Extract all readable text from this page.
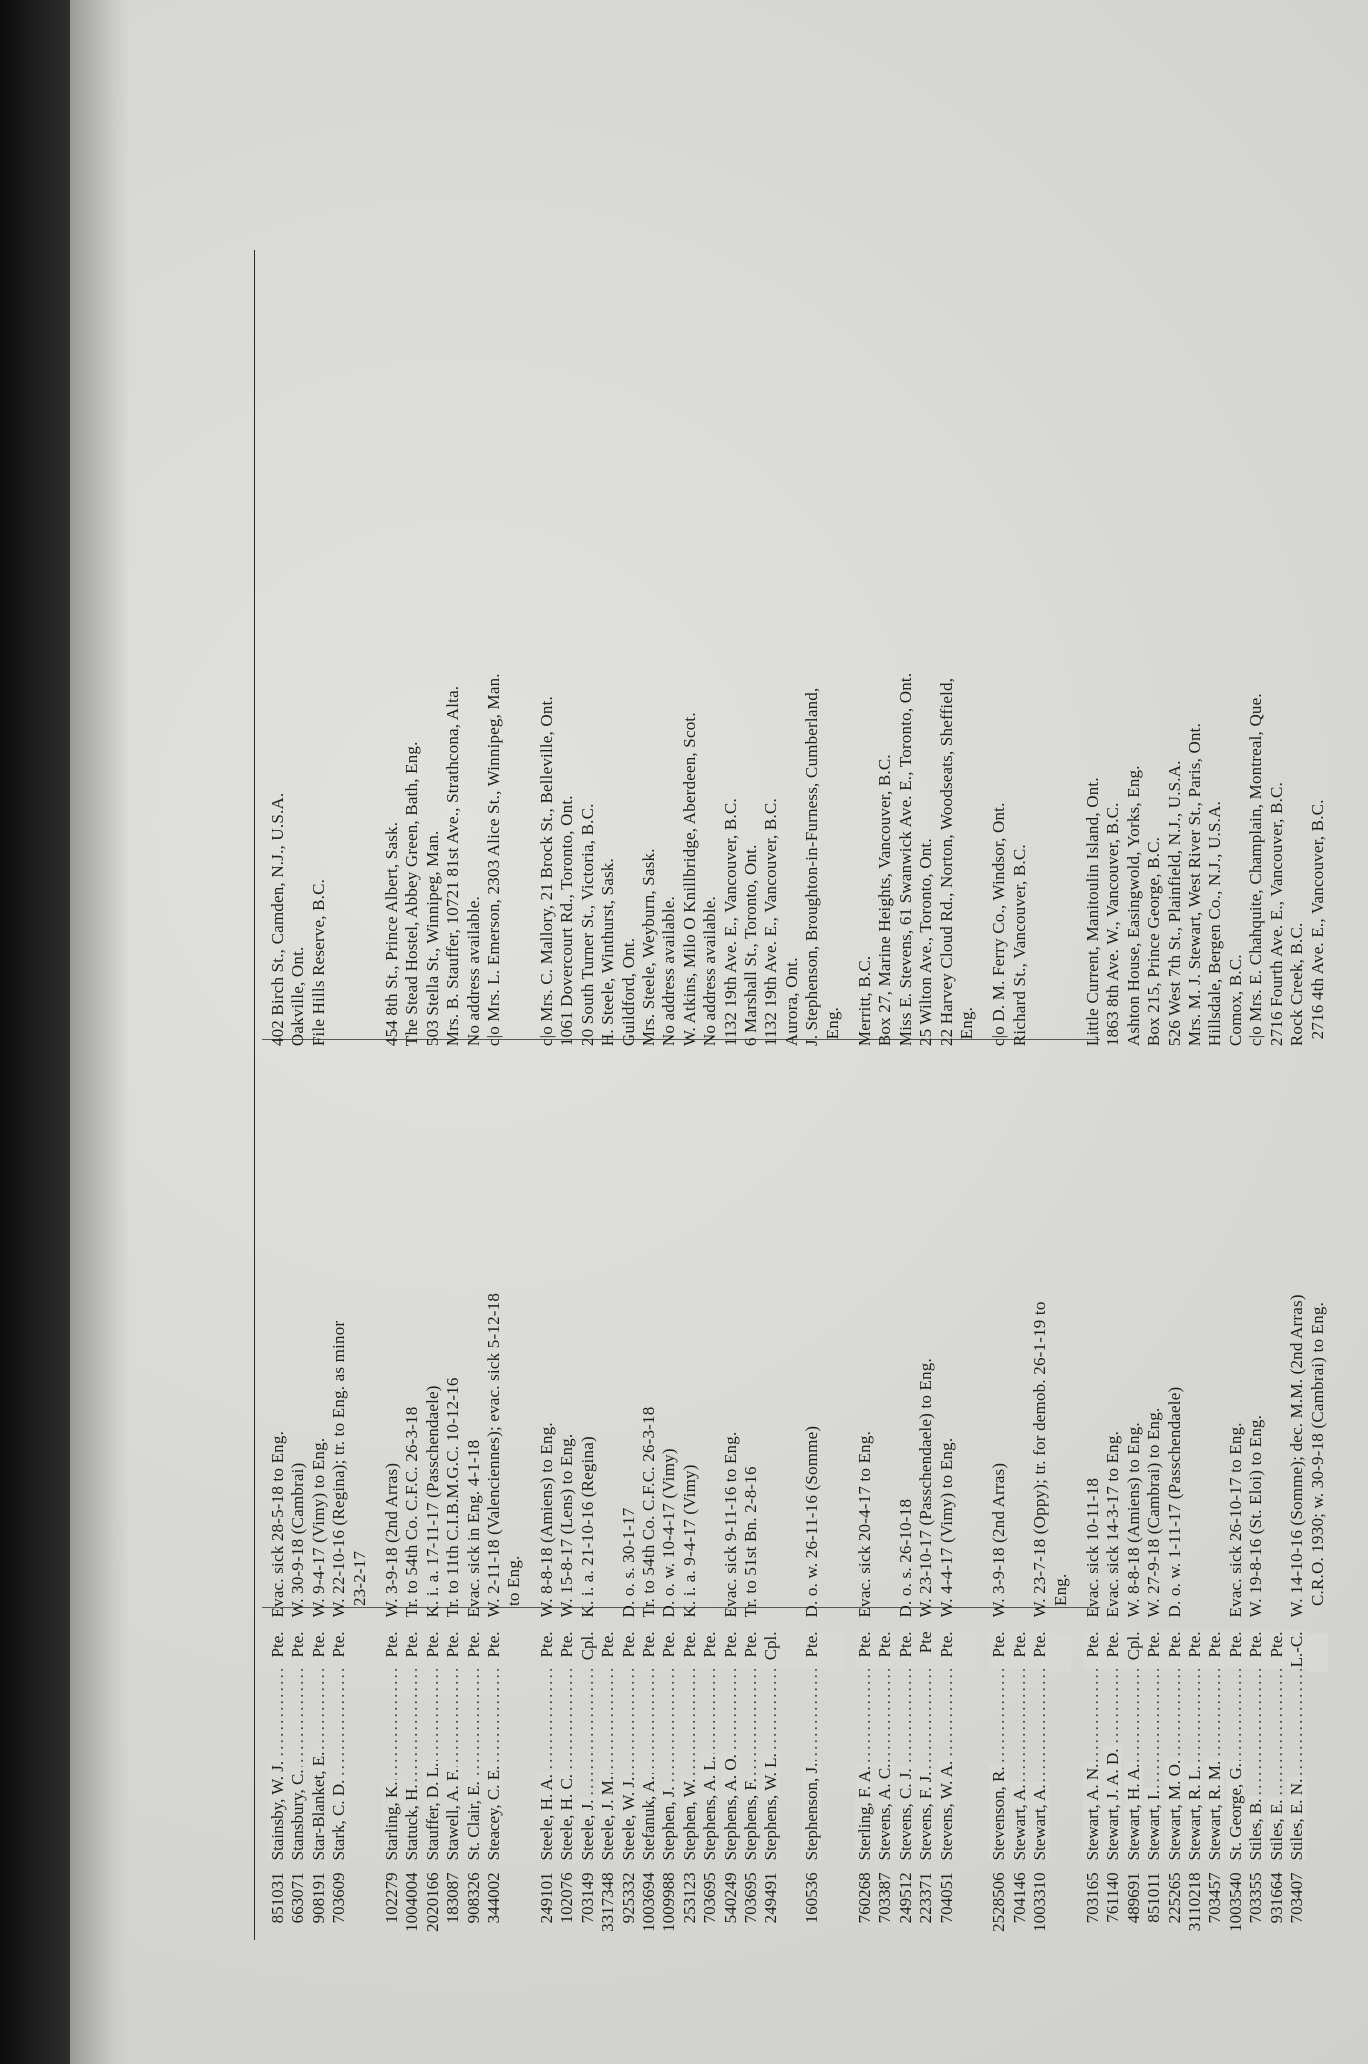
851031
Stainsby, W. J. . . .
Pte.
Evac. sick 28-5-18 to Eng.
402 Birch St., Camden, N.J., U.S.A.
663071
Stansbury, C. . . .
Pte.
W. 30-9-18 (Cambrai)
Oakville, Ont.
908191
Star-Blanket, E. . . .
Pte.
W. 9-4-17 (Vimy) to Eng.
File Hills Reserve, B.C.
703609
Stark, C. D. . . .
Pte.
W. 22-10-16 (Regina); tr. to Eng. as minor 23-2-17
102279
Starling, K. . . .
Pte.
W. 3-9-18 (2nd Arras)
454 8th St., Prince Albert, Sask.
1004004
Statuck, H. . . .
Pte.
Tr. to 54th Co. C.F.C. 26-3-18
The Stead Hostel, Abbey Green, Bath, Eng.
2020166
Stauffer, D. L. . . .
Pte.
K. i. a. 17-11-17 (Passchendaele)
503 Stella St., Winnipeg, Man.
183087
Stawell, A. F. . . .
Pte.
Tr. to 11th C.I.B.M.G.C. 10-12-16
Mrs. B. Stauffer, 10721 81st Ave., Strathcona, Alta.
908326
St. Clair, E. . . .
Pte.
Evac. sick in Eng. 4-1-18
No address available.
344002
Steacey, C. E. . . .
Pte.
W. 2-11-18 (Valenciennes); evac. sick 5-12-18
c|o Mrs. L. Emerson, 2303 Alice St., Winnipeg, Man.
to Eng.
249101
Steele, H. A. . . .
Pte.
W. 8-8-18 (Amiens) to Eng.
c|o Mrs. C. Mallory, 21 Brock St., Belleville, Ont.
102076
Steele, H. C. . . .
Pte.
W. 15-8-17 (Lens) to Eng.
1061 Dovercourt Rd., Toronto, Ont.
703149
Steele, J. . . .
Cpl.
K. i. a. 21-10-16 (Regina)
20 South Turner St., Victoria, B.C.
3317348
Steele, J. M. . . .
Pte.
H. Steele, Winthurst, Sask.
925332
Steele, W. J. . . .
Pte.
D. o. s. 30-1-17
Guildford, Ont.
1003694
Stefanuk, A. . . .
Pte.
Tr. to 54th Co. C.F.C. 26-3-18
Mrs. Steele, Weyburn, Sask.
1009988
Stephen, J. . . .
Pte.
D. o. w. 10-4-17 (Vimy)
No address available.
253123
Stephen, W. . . .
Pte.
K. i. a. 9-4-17 (Vimy)
W. Atkins, Milo O Knillbridge, Aberdeen, Scot.
703695
Stephens, A. L. . . .
Pte.
No address available.
540249
Stephens, A. O. . . .
Pte.
Evac. sick 9-11-16 to Eng.
1132 19th Ave. E., Vancouver, B.C.
703695
Stephens, F. . . .
Pte.
Tr. to 51st Bn. 2-8-16
6 Marshall St., Toronto, Ont.
249491
Stephens, W. L. . . .
Cpl.
1132 19th Ave. E., Vancouver, B.C. Aurora, Ont.
160536
Stephenson, J. . . .
Pte.
D. o. w. 26-11-16 (Somme)
J. Stephenson, Broughton-in-Furness, Cumberland, Eng.
760268
Sterling, F. A. . . .
Pte.
Evac. sick 20-4-17 to Eng.
Merritt, B.C.
703387
Stevens, A. C. . . .
Pte.
Box 27, Marine Heights, Vancouver, B.C.
249512
Stevens, C. J. . . .
Pte.
D. o. s. 26-10-18
Miss E. Stevens, 61 Swanwick Ave. E., Toronto, Ont.
223371
Stevens, F. J. . . .
Pte
W. 23-10-17 (Passchendaele) to Eng.
25 Wilton Ave., Toronto, Ont.
704051
Stevens, W. A. . . .
Pte.
W. 4-4-17 (Vimy) to Eng.
22 Harvey Cloud Rd., Norton, Woodseats, Sheffield, Eng.
2528506
Stevenson, R. . . .
Pte.
W. 3-9-18 (2nd Arras)
c|o D. M. Ferry Co., Windsor, Ont.
704146
Stewart, A. . . .
Pte.
Richard St., Vancouver, B.C.
1003310
Stewart, A. . . .
Pte.
W. 23-7-18 (Oppy); tr. for demob. 26-1-19 to Eng.
703165
Stewart, A. N. . . .
Pte.
Evac. sick 10-11-18
Little Current, Manitoulin Island, Ont.
761140
Stewart, J. A. D. . . .
Pte.
Evac. sick 14-3-17 to Eng.
1863 8th Ave. W., Vancouver, B.C.
489691
Stewart, H. A. . . .
Cpl.
W. 8-8-18 (Amiens) to Eng.
Ashton House, Easingwold, Yorks, Eng.
851011
Stewart, I. . . .
Pte.
W. 27-9-18 (Cambrai) to Eng.
Box 215, Prince George, B.C.
225265
Stewart, M. O. . . .
Pte.
D. o. w. 1-11-17 (Passchendaele)
526 West 7th St., Plainfield, N.J., U.S.A.
3110218
Stewart, R. L. . . .
Pte.
Mrs. M. J. Stewart, West River St., Paris, Ont.
703457
Stewart, R. M. . . .
Pte.
Hillsdale, Bergen Co., N.J., U.S.A.
1003540
St. George, G. . . .
Pte.
Evac. sick 26-10-17 to Eng.
Comox, B.C.
703355
Stiles, B. . . .
Pte.
W. 19-8-16 (St. Eloi) to Eng.
c|o Mrs. E. Chahquite, Champlain, Montreal, Que.
931664
Stiles, E. . . .
Pte.
2716 Fourth Ave. E., Vancouver, B.C.
703407
Stiles, E. N. . . .
L.-C.
W. 14-10-16 (Somme); dec. M.M. (2nd Arras)
Rock Creek, B.C.
C.R.O. 1930; w. 30-9-18 (Cambrai) to Eng.
2716 4th Ave. E., Vancouver, B.C.
